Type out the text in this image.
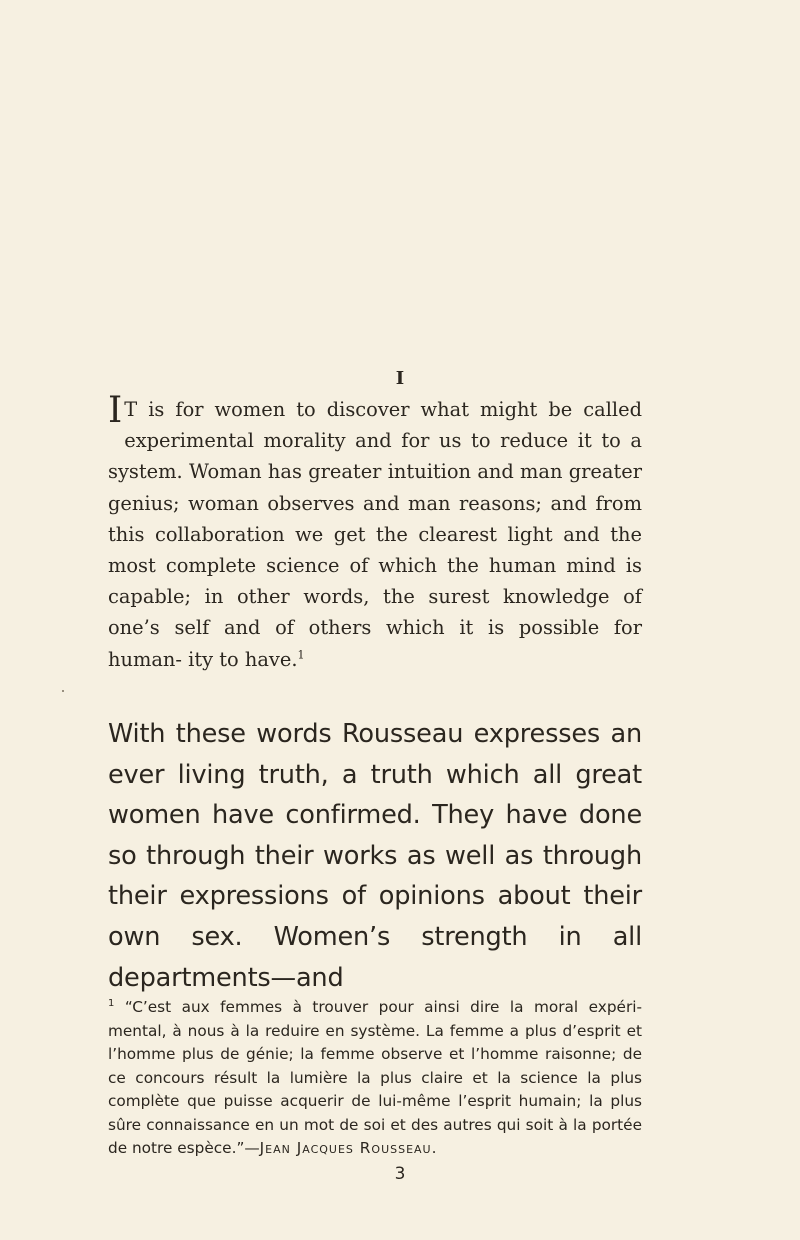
I

I T is for women to discover what might be called experimental morality and for us to reduce it to a system. Woman has greater intuition and man greater genius; woman observes and man reasons; and from this collaboration we get the clearest light and the most complete science of which the human mind is capable; in other words, the surest knowledge of one’s self and of others which it is possible for human- ity to have.$^1$

With these words Rousseau expresses an ever living truth, a truth which all great women have confirmed. They have done so through their works as well as through their expressions of opinions about their own sex. Women’s strength in all departments—and

$^1$ “C’est aux femmes à trouver pour ainsi dire la moral expéri- mental, à nous à la reduire en système. La femme a plus d’esprit et l’homme plus de génie; la femme observe et l’homme raisonne; de ce concours résult la lumière la plus claire et la science la plus complète que puisse acquerir de lui-même l’esprit humain; la plus sûre connaissance en un mot de soi et des autres qui soit à la portée de notre espèce.”—Jean Jacques Rousseau.

3
